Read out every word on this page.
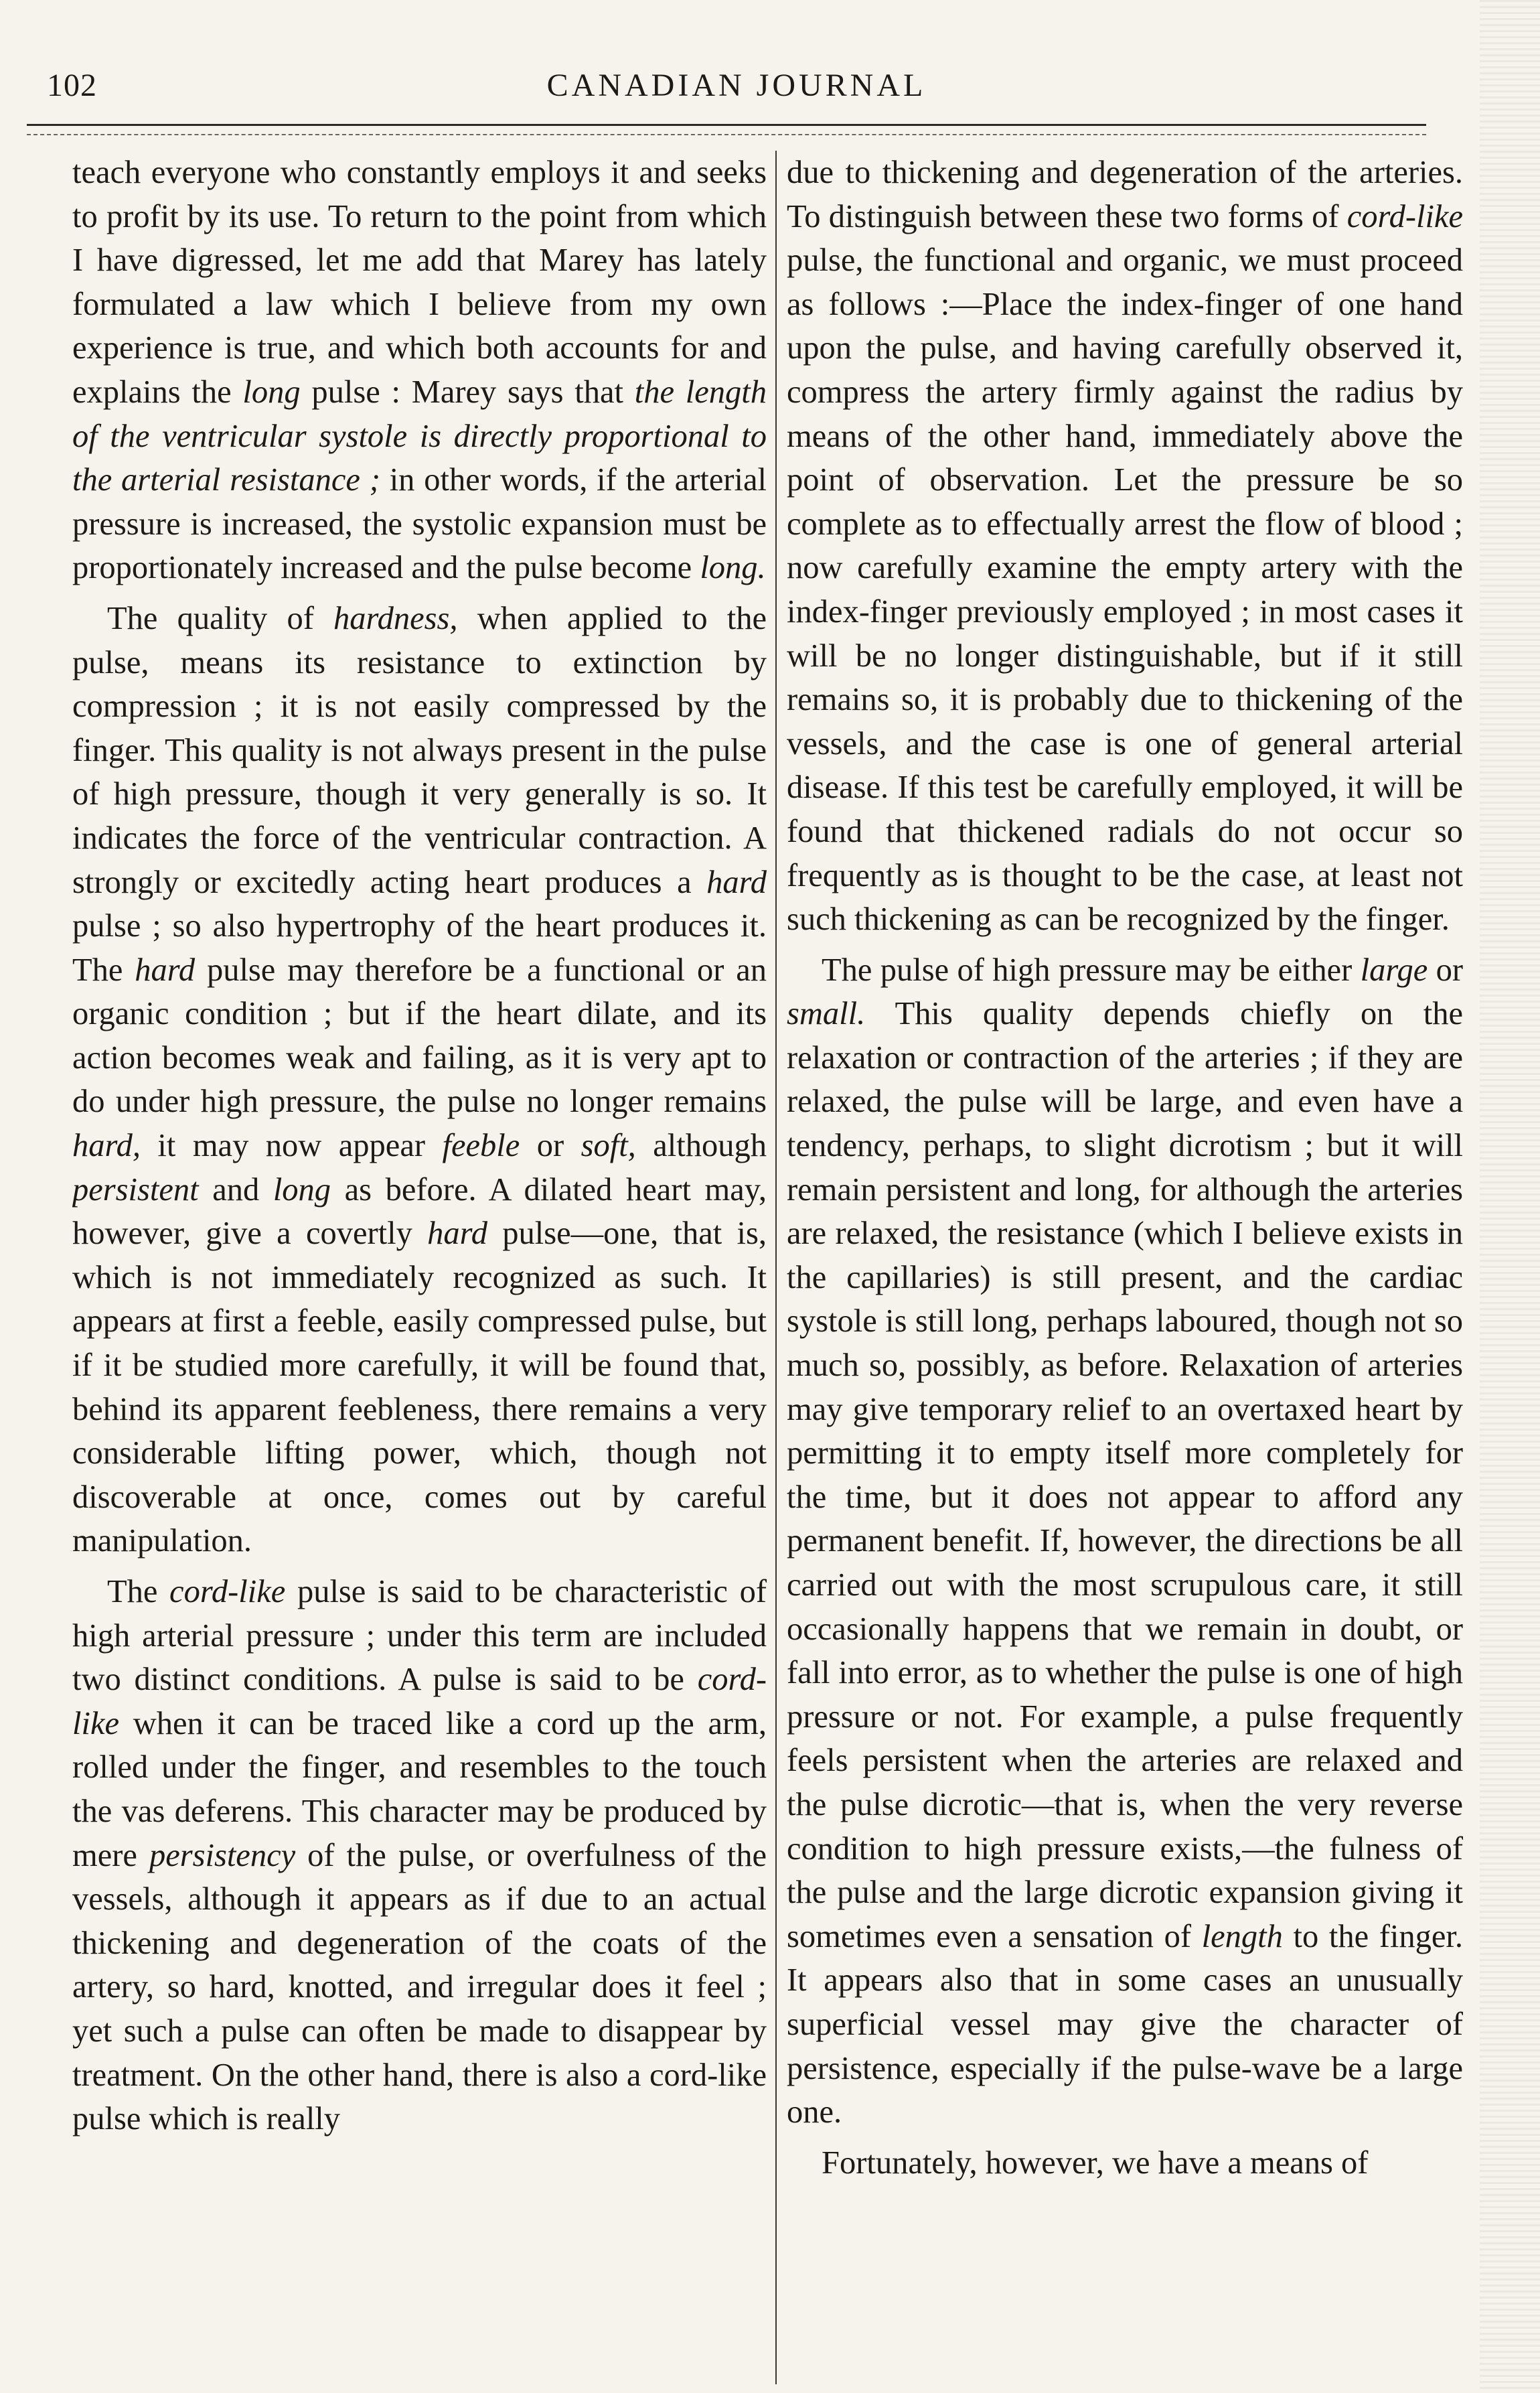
102	CANADIAN JOURNAL

teach everyone who constantly employs it and seeks to profit by its use. To return to the point from which I have digressed, let me add that Marey has lately formulated a law which I believe from my own experience is true, and which both accounts for and explains the long pulse : Marey says that the length of the ventricular systole is directly proportional to the arterial resistance ; in other words, if the arterial pressure is increased, the systolic expansion must be proportionately increased and the pulse become long.

The quality of hardness, when applied to the pulse, means its resistance to extinction by compression ; it is not easily compressed by the finger. This quality is not always present in the pulse of high pressure, though it very generally is so. It indicates the force of the ventricular contraction. A strongly or excitedly acting heart produces a hard pulse ; so also hypertrophy of the heart produces it. The hard pulse may therefore be a functional or an organic condition ; but if the heart dilate, and its action becomes weak and failing, as it is very apt to do under high pressure, the pulse no longer remains hard, it may now appear feeble or soft, although persistent and long as before. A dilated heart may, however, give a covertly hard pulse—one, that is, which is not immediately recognized as such. It appears at first a feeble, easily compressed pulse, but if it be studied more carefully, it will be found that, behind its apparent feebleness, there remains a very considerable lifting power, which, though not discoverable at once, comes out by careful manipulation.

The cord-like pulse is said to be characteristic of high arterial pressure ; under this term are included two distinct conditions. A pulse is said to be cord-like when it can be traced like a cord up the arm, rolled under the finger, and resembles to the touch the vas deferens. This character may be produced by mere persistency of the pulse, or overfulness of the vessels, although it appears as if due to an actual thickening and degeneration of the coats of the artery, so hard, knotted, and irregular does it feel ; yet such a pulse can often be made to disappear by treatment. On the other hand, there is also a cord-like pulse which is really

due to thickening and degeneration of the arteries. To distinguish between these two forms of cord-like pulse, the functional and organic, we must proceed as follows :—Place the index-finger of one hand upon the pulse, and having carefully observed it, compress the artery firmly against the radius by means of the other hand, immediately above the point of observation. Let the pressure be so complete as to effectually arrest the flow of blood ; now carefully examine the empty artery with the index-finger previously employed ; in most cases it will be no longer distinguishable, but if it still remains so, it is probably due to thickening of the vessels, and the case is one of general arterial disease. If this test be carefully employed, it will be found that thickened radials do not occur so frequently as is thought to be the case, at least not such thickening as can be recognized by the finger.

The pulse of high pressure may be either large or small. This quality depends chiefly on the relaxation or contraction of the arteries ; if they are relaxed, the pulse will be large, and even have a tendency, perhaps, to slight dicrotism ; but it will remain persistent and long, for although the arteries are relaxed, the resistance (which I believe exists in the capillaries) is still present, and the cardiac systole is still long, perhaps laboured, though not so much so, possibly, as before. Relaxation of arteries may give temporary relief to an overtaxed heart by permitting it to empty itself more completely for the time, but it does not appear to afford any permanent benefit. If, however, the directions be all carried out with the most scrupulous care, it still occasionally happens that we remain in doubt, or fall into error, as to whether the pulse is one of high pressure or not. For example, a pulse frequently feels persistent when the arteries are relaxed and the pulse dicrotic—that is, when the very reverse condition to high pressure exists,—the fulness of the pulse and the large dicrotic expansion giving it sometimes even a sensation of length to the finger. It appears also that in some cases an unusually superficial vessel may give the character of persistence, especially if the pulse-wave be a large one.

Fortunately, however, we have a means of
